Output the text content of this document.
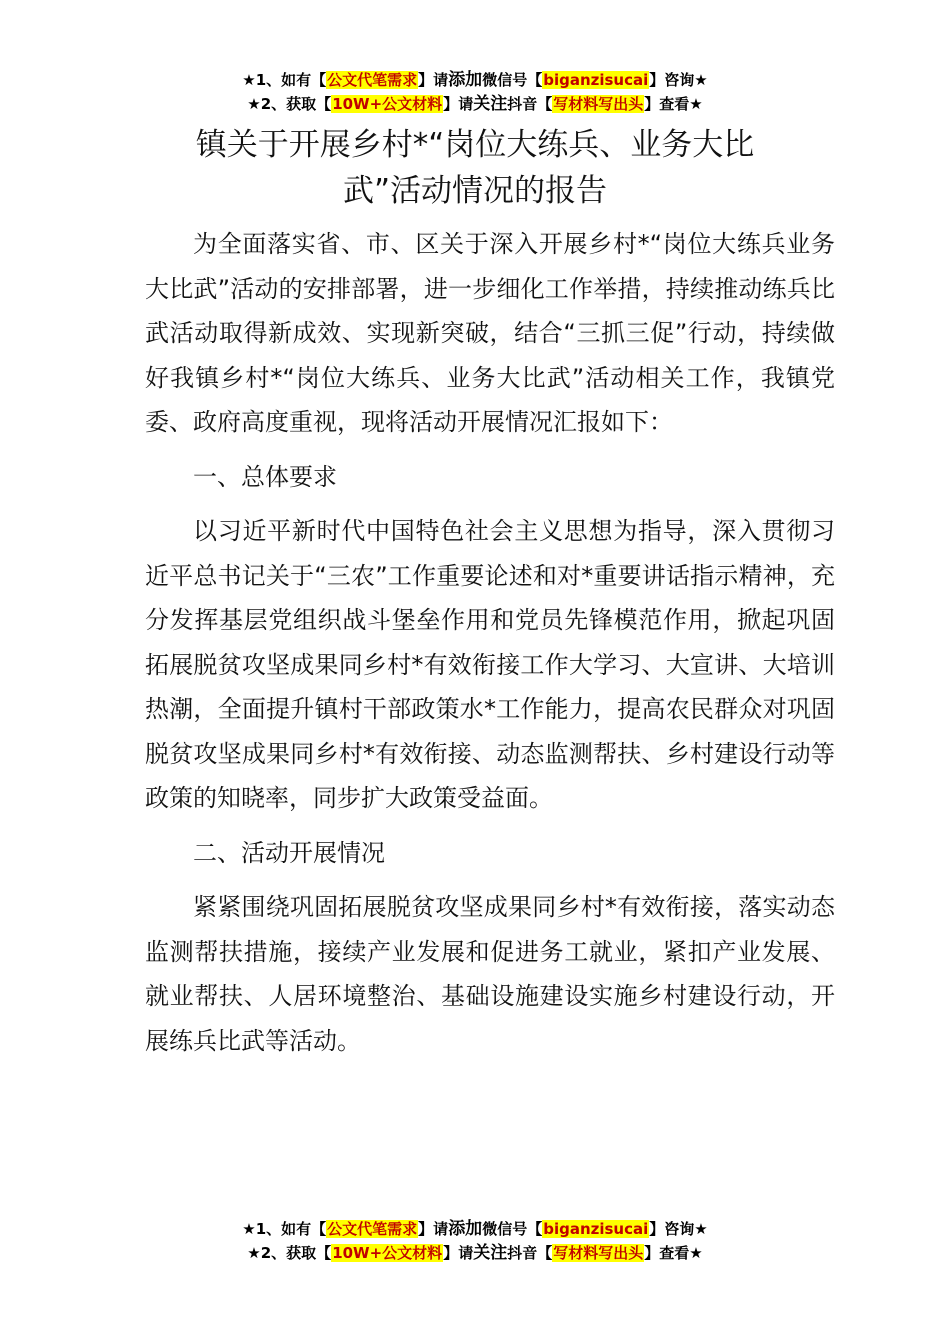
★1、如有【公文代笔需求】请添加微信号【biganzisucai】咨询★
★2、获取【10W+公文材料】请关注抖音【写材料写出头】查看★
镇关于开展乡村*“岗位大练兵、业务大比
武”活动情况的报告

为全面落实省、市、区关于深入开展乡村*“岗位大练兵业务大比武”活动的安排部署，进一步细化工作举措，持续推动练兵比武活动取得新成效、实现新突破，结合“三抓三促”行动，持续做好我镇乡村*“岗位大练兵、业务大比武”活动相关工作，我镇党委、政府高度重视，现将活动开展情况汇报如下：

一、总体要求

以习近平新时代中国特色社会主义思想为指导，深入贯彻习近平总书记关于“三农”工作重要论述和对*重要讲话指示精神，充分发挥基层党组织战斗堡垒作用和党员先锋模范作用，掀起巩固拓展脱贫攻坚成果同乡村*有效衔接工作大学习、大宣讲、大培训热潮，全面提升镇村干部政策水*工作能力，提高农民群众对巩固脱贫攻坚成果同乡村*有效衔接、动态监测帮扶、乡村建设行动等政策的知晓率，同步扩大政策受益面。

二、活动开展情况

紧紧围绕巩固拓展脱贫攻坚成果同乡村*有效衔接，落实动态监测帮扶措施，接续产业发展和促进务工就业，紧扣产业发展、就业帮扶、人居环境整治、基础设施建设实施乡村建设行动，开展练兵比武等活动。

★1、如有【公文代笔需求】请添加微信号【biganzisucai】咨询★
★2、获取【10W+公文材料】请关注抖音【写材料写出头】查看★
